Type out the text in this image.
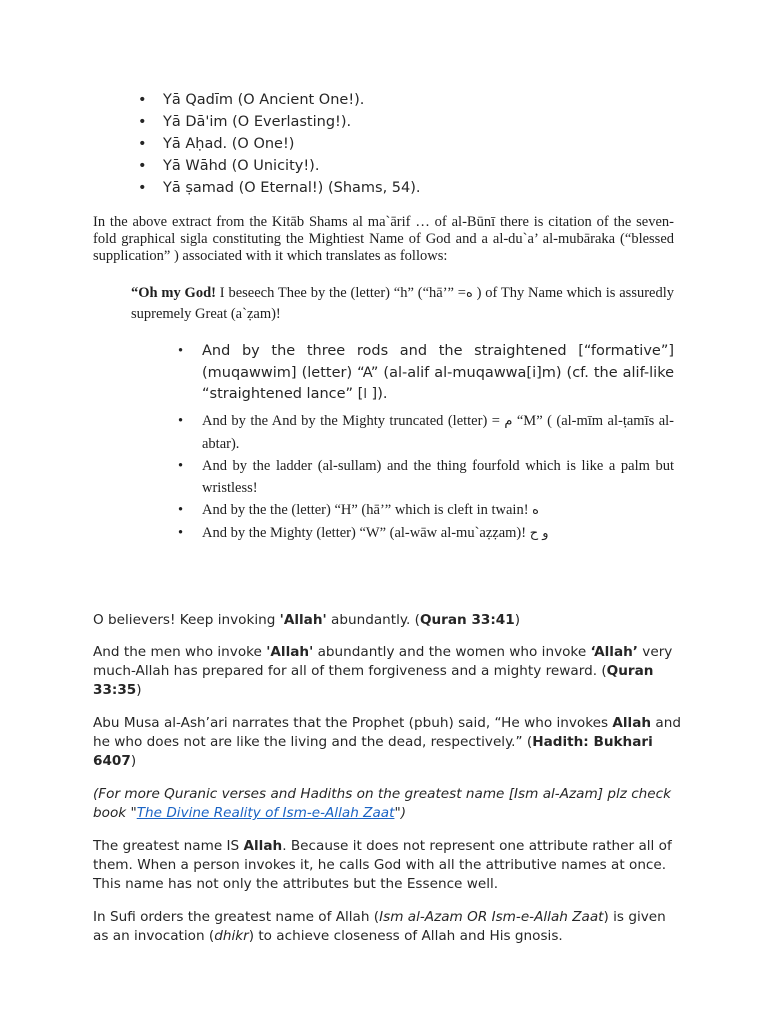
• Yā Qadīm (O Ancient One!).
• Yā Dā'im (O Everlasting!).
• Yā Aḥad. (O One!)
• Yā Wāhd (O Unicity!).
• Yā ṣamad (O Eternal!) (Shams, 54).
In the above extract from the Kitāb Shams al ma`ārif … of al-Būnī there is citation of the seven-fold graphical sigla constituting the Mightiest Name of God and a al-du`a’ al-mubāraka (“blessed supplication” ) associated with it which translates as follows:
“Oh my God! I beseech Thee by the (letter) “h” (“hā’” =ه ) of Thy Name which is assuredly supremely Great (a`ẓam)!
• And by the three rods and the straightened [“formative”] (muqawwim] (letter) “A” (al-alif al-muqawwa[i]m) (cf. the alif-like “straightened lance” [ا ]).
• And by the And by the Mighty truncated (letter) = م “M” ( (al-mīm al-ṭamīs al-abtar).
• And by the ladder (al-sullam) and the thing fourfold which is like a palm but wristless!
• And by the the (letter) “H” (hā’” which is cleft in twain! ه
• And by the Mighty (letter) “W” (al-wāw al-mu`aẓẓam)! و ح

O believers! Keep invoking 'Allah' abundantly. (Quran 33:41)

And the men who invoke 'Allah' abundantly and the women who invoke ‘Allah’ very much-Allah has prepared for all of them forgiveness and a mighty reward. (Quran 33:35)

Abu Musa al-Ash’ari narrates that the Prophet (pbuh) said, “He who invokes Allah and he who does not are like the living and the dead, respectively.” (Hadith: Bukhari 6407)

(For more Quranic verses and Hadiths on the greatest name [Ism al-Azam] plz check book "The Divine Reality of Ism-e-Allah Zaat")

The greatest name IS Allah. Because it does not represent one attribute rather all of them. When a person invokes it, he calls God with all the attributive names at once. This name has not only the attributes but the Essence well.

In Sufi orders the greatest name of Allah (Ism al-Azam OR Ism-e-Allah Zaat) is given as an invocation (dhikr) to achieve closeness of Allah and His gnosis.
